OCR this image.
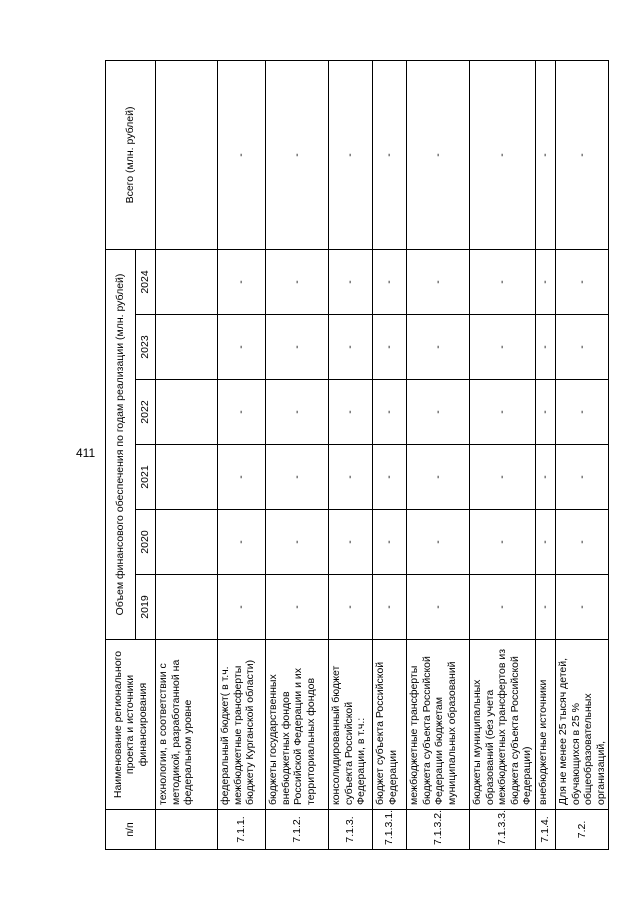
411
п/п	Наименование регионального проекта и источники финансирования	Объем финансового обеспечения по годам реализации (млн. рублей)						Всего (млн. рублей)
		2019	2020	2021	2022	2023	2024	
	технологии, в соответствии с методикой, разработанной на федеральном уровне							
7.1.1.	федеральный бюджет( в т.ч. межбюджетные трансферты бюджету Курганской области)	-	-	-	-	-	-	-
7.1.2.	бюджеты государственных внебюджетных фондов Российской Федерации и их территориальных фондов	-	-	-	-	-	-	-
7.1.3.	консолидированный бюджет субъекта Российской Федерации, в т.ч.:	-	-	-	-	-	-	-
7.1.3.1.	бюджет субъекта Российской Федерации	-	-	-	-	-	-	-
7.1.3.2.	межбюджетные трансферты бюджета субъекта Российской Федерации бюджетам муниципальных образований	-	-	-	-	-	-	-
7.1.3.3.	бюджеты муниципальных образований (без учета межбюджетных трансфертов из бюджета субъекта Российской Федерации)	-	-	-	-	-	-	-
7.1.4.	внебюджетные источники	-	-	-	-	-	-	-
7.2.	Для не менее 25 тысяч детей, обучающихся в 25 % общеобразовательных организаций,	-	-	-	-	-	-	-
